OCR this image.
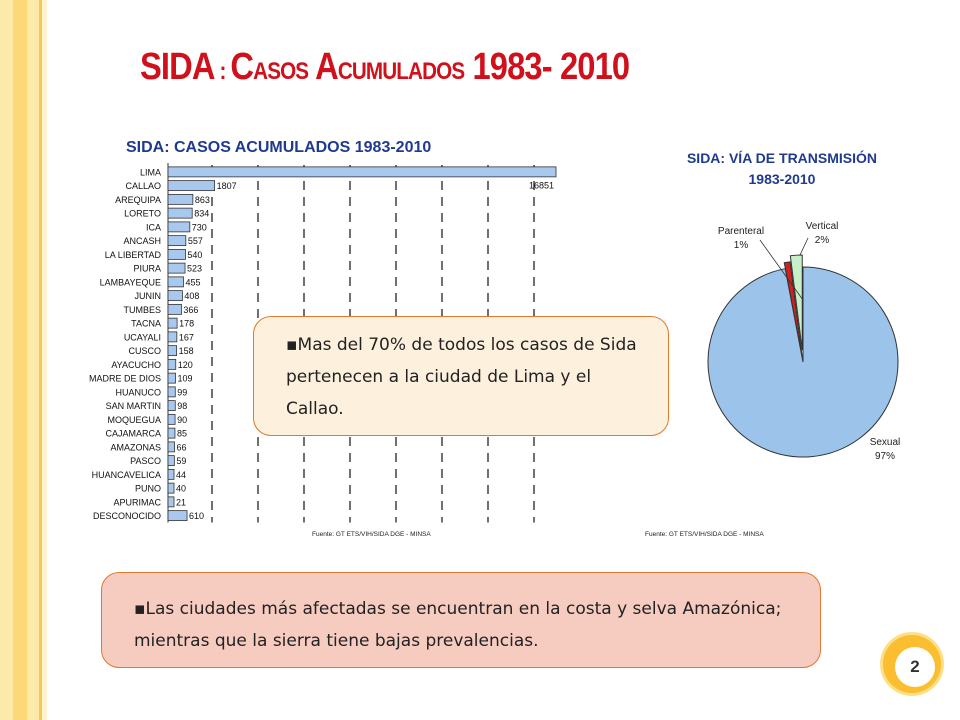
SIDA : CASOS ACUMULADOS 1983- 2010
SIDA: CASOS ACUMULADOS 1983-2010
Fuente: GT ETS/VIH/SIDA DGE - MINSA
SIDA: VÍA DE TRANSMISIÓN
1983-2010
Fuente: GT ETS/VIH/SIDA DGE - MINSA
LIMA
16851
CALLAO	1807
AREQUIPA	863
LORETO	834
ICA	730
ANCASH	557
LA LIBERTAD	540
PIURA	523
LAMBAYEQUE	455
JUNIN	408
TUMBES 366
TACNA 178
UCAYALI 167
CUSCO 158
AYACUCHO 120
MADRE DE DIOS 109
HUANUCO 99
SAN MARTIN 98
MOQUEGUA 90
CAJAMARCA 85
AMAZONAS 66
PASCO 59
HUANCAVELICA 44
PUNO 40
APURIMAC 21
DESCONOCIDO	610
Parenteral
1%
Vertical
2%
Sexual
97%
▪Mas del 70% de todos los casos de Sida pertenecen a la ciudad de Lima y el Callao.
▪Las ciudades más afectadas se encuentran en la costa y selva Amazónica; mientras que la sierra tiene bajas prevalencias.
2
